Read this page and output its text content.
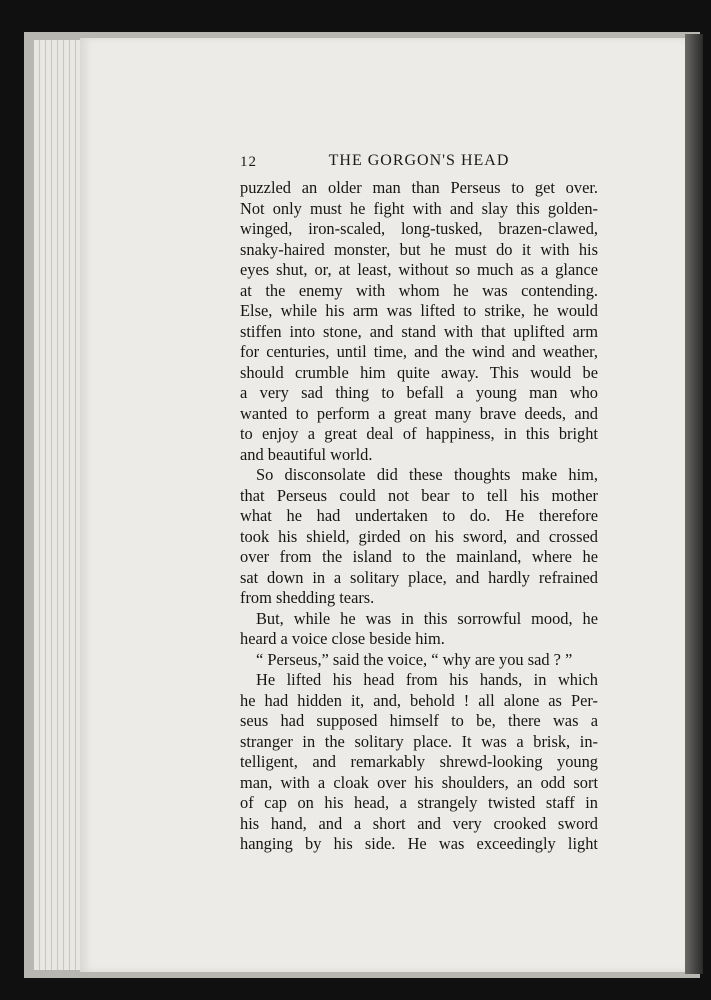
12	THE GORGON'S HEAD
puzzled an older man than Perseus to get over.
Not only must he fight with and slay this golden-
winged, iron-scaled, long-tusked, brazen-clawed,
snaky-haired monster, but he must do it with his
eyes shut, or, at least, without so much as a glance
at the enemy with whom he was contending.
Else, while his arm was lifted to strike, he would
stiffen into stone, and stand with that uplifted arm
for centuries, until time, and the wind and weather,
should crumble him quite away. This would be
a very sad thing to befall a young man who
wanted to perform a great many brave deeds, and
to enjoy a great deal of happiness, in this bright
and beautiful world.
So disconsolate did these thoughts make him,
that Perseus could not bear to tell his mother
what he had undertaken to do. He therefore
took his shield, girded on his sword, and crossed
over from the island to the mainland, where he
sat down in a solitary place, and hardly refrained
from shedding tears.
But, while he was in this sorrowful mood, he
heard a voice close beside him.
“ Perseus,” said the voice, “ why are you sad ? ”
He lifted his head from his hands, in which
he had hidden it, and, behold ! all alone as Per-
seus had supposed himself to be, there was a
stranger in the solitary place. It was a brisk, in-
telligent, and remarkably shrewd-looking young
man, with a cloak over his shoulders, an odd sort
of cap on his head, a strangely twisted staff in
his hand, and a short and very crooked sword
hanging by his side. He was exceedingly light
